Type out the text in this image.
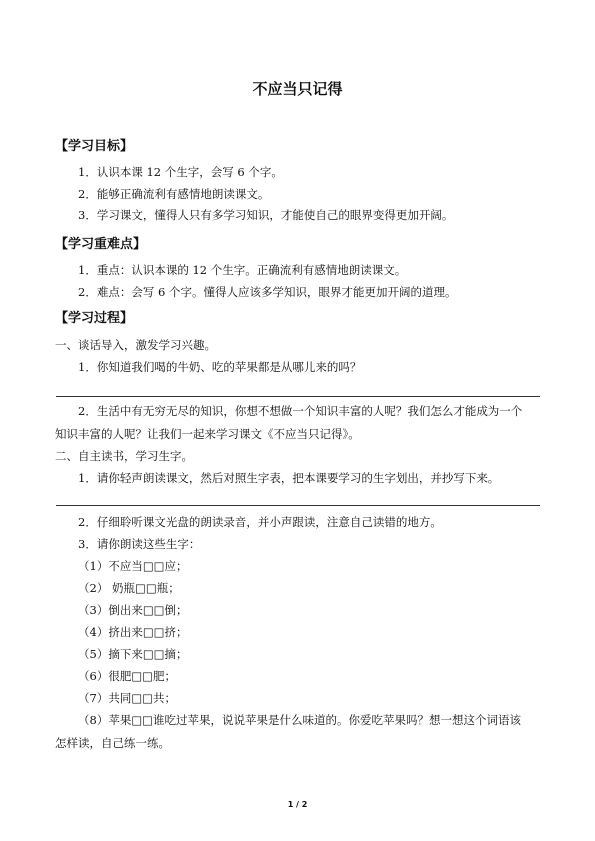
不应当只记得
【学习目标】
1．认识本课 12 个生字，会写 6 个字。
2．能够正确流利有感情地朗读课文。
3．学习课文，懂得人只有多学习知识，才能使自己的眼界变得更加开阔。
【学习重难点】
1．重点：认识本课的 12 个生字。正确流利有感情地朗读课文。
2．难点：会写 6 个字。懂得人应该多学知识，眼界才能更加开阔的道理。
【学习过程】
一、谈话导入，激发学习兴趣。
1．你知道我们喝的牛奶、吃的苹果都是从哪儿来的吗？
2．生活中有无穷无尽的知识，你想不想做一个知识丰富的人呢？我们怎么才能成为一个
知识丰富的人呢？让我们一起来学习课文《不应当只记得》。
二、自主读书，学习生字。
1．请你轻声朗读课文，然后对照生字表，把本课要学习的生字划出，并抄写下来。
2．仔细聆听课文光盘的朗读录音，并小声跟读，注意自己读错的地方。
3．请你朗读这些生字：
（1）不应当□□应；
（2） 奶瓶□□瓶；
（3）倒出来□□倒；
（4）挤出来□□挤；
（5）摘下来□□摘；
（6）很肥□□肥；
（7）共同□□共；
（8）苹果□□谁吃过苹果，说说苹果是什么味道的。你爱吃苹果吗？想一想这个词语该
怎样读，自己练一练。
1 / 2
